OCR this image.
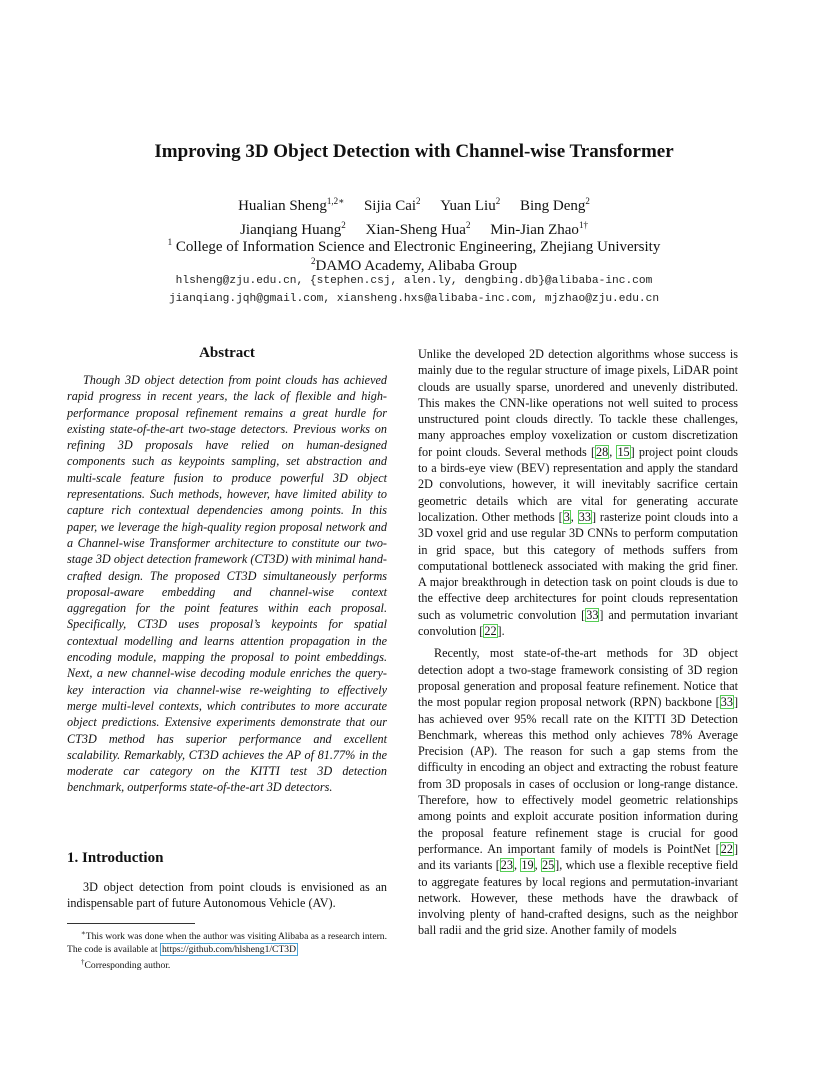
Improving 3D Object Detection with Channel-wise Transformer
Hualian Sheng$^{1,2∗}$ Sijia Cai$^2$ Yuan Liu$^2$ Bing Deng$^2$
Jianqiang Huang$^2$ Xian-Sheng Hua$^2$ Min-Jian Zhao$^{1\dagger}$
$^1$ College of Information Science and Electronic Engineering, Zhejiang University
$^2$DAMO Academy, Alibaba Group
hlsheng@zju.edu.cn, {stephen.csj, alen.ly, dengbing.db}@alibaba-inc.com
jianqiang.jqh@gmail.com, xiansheng.hxs@alibaba-inc.com, mjzhao@zju.edu.cn
Abstract

Though 3D object detection from point clouds has achieved rapid progress in recent years, the lack of flexible and high-performance proposal refinement remains a great hurdle for existing state-of-the-art two-stage detectors. Previous works on refining 3D proposals have relied on human-designed components such as keypoints sampling, set abstraction and multi-scale feature fusion to produce powerful 3D object representations. Such methods, however, have limited ability to capture rich contextual dependencies among points. In this paper, we leverage the high-quality region proposal network and a Channel-wise Transformer architecture to constitute our two-stage 3D object detection framework (CT3D) with minimal hand-crafted design. The proposed CT3D simultaneously performs proposal-aware embedding and channel-wise context aggregation for the point features within each proposal. Specifically, CT3D uses proposal’s keypoints for spatial contextual modelling and learns attention propagation in the encoding module, mapping the proposal to point embeddings. Next, a new channel-wise decoding module enriches the query-key interaction via channel-wise re-weighting to effectively merge multi-level contexts, which contributes to more accurate object predictions. Extensive experiments demonstrate that our CT3D method has superior performance and excellent scalability. Remarkably, CT3D achieves the AP of 81.77% in the moderate car category on the KITTI test 3D detection benchmark, outperforms state-of-the-art 3D detectors.

1. Introduction

3D object detection from point clouds is envisioned as an indispensable part of future Autonomous Vehicle (AV).

∗This work was done when the author was visiting Alibaba as a research intern. The code is available at https://github.com/hlsheng1/CT3D

†Corresponding author.

Unlike the developed 2D detection algorithms whose success is mainly due to the regular structure of image pixels, LiDAR point clouds are usually sparse, unordered and unevenly distributed. This makes the CNN-like operations not well suited to process unstructured point clouds directly. To tackle these challenges, many approaches employ voxelization or custom discretization for point clouds. Several methods [28, 15] project point clouds to a birds-eye view (BEV) representation and apply the standard 2D convolutions, however, it will inevitably sacrifice certain geometric details which are vital for generating accurate localization. Other methods [3, 33] rasterize point clouds into a 3D voxel grid and use regular 3D CNNs to perform computation in grid space, but this category of methods suffers from computational bottleneck associated with making the grid finer. A major breakthrough in detection task on point clouds is due to the effective deep architectures for point clouds representation such as volumetric convolution [33] and permutation invariant convolution [22].

Recently, most state-of-the-art methods for 3D object detection adopt a two-stage framework consisting of 3D region proposal generation and proposal feature refinement. Notice that the most popular region proposal network (RPN) backbone [33] has achieved over 95% recall rate on the KITTI 3D Detection Benchmark, whereas this method only achieves 78% Average Precision (AP). The reason for such a gap stems from the difficulty in encoding an object and extracting the robust feature from 3D proposals in cases of occlusion or long-range distance. Therefore, how to effectively model geometric relationships among points and exploit accurate position information during the proposal feature refinement stage is crucial for good performance. An important family of models is PointNet [22] and its variants [23, 19, 25], which use a flexible receptive field to aggregate features by local regions and permutation-invariant network. However, these methods have the drawback of involving plenty of hand-crafted designs, such as the neighbor ball radii and the grid size. Another family of models
